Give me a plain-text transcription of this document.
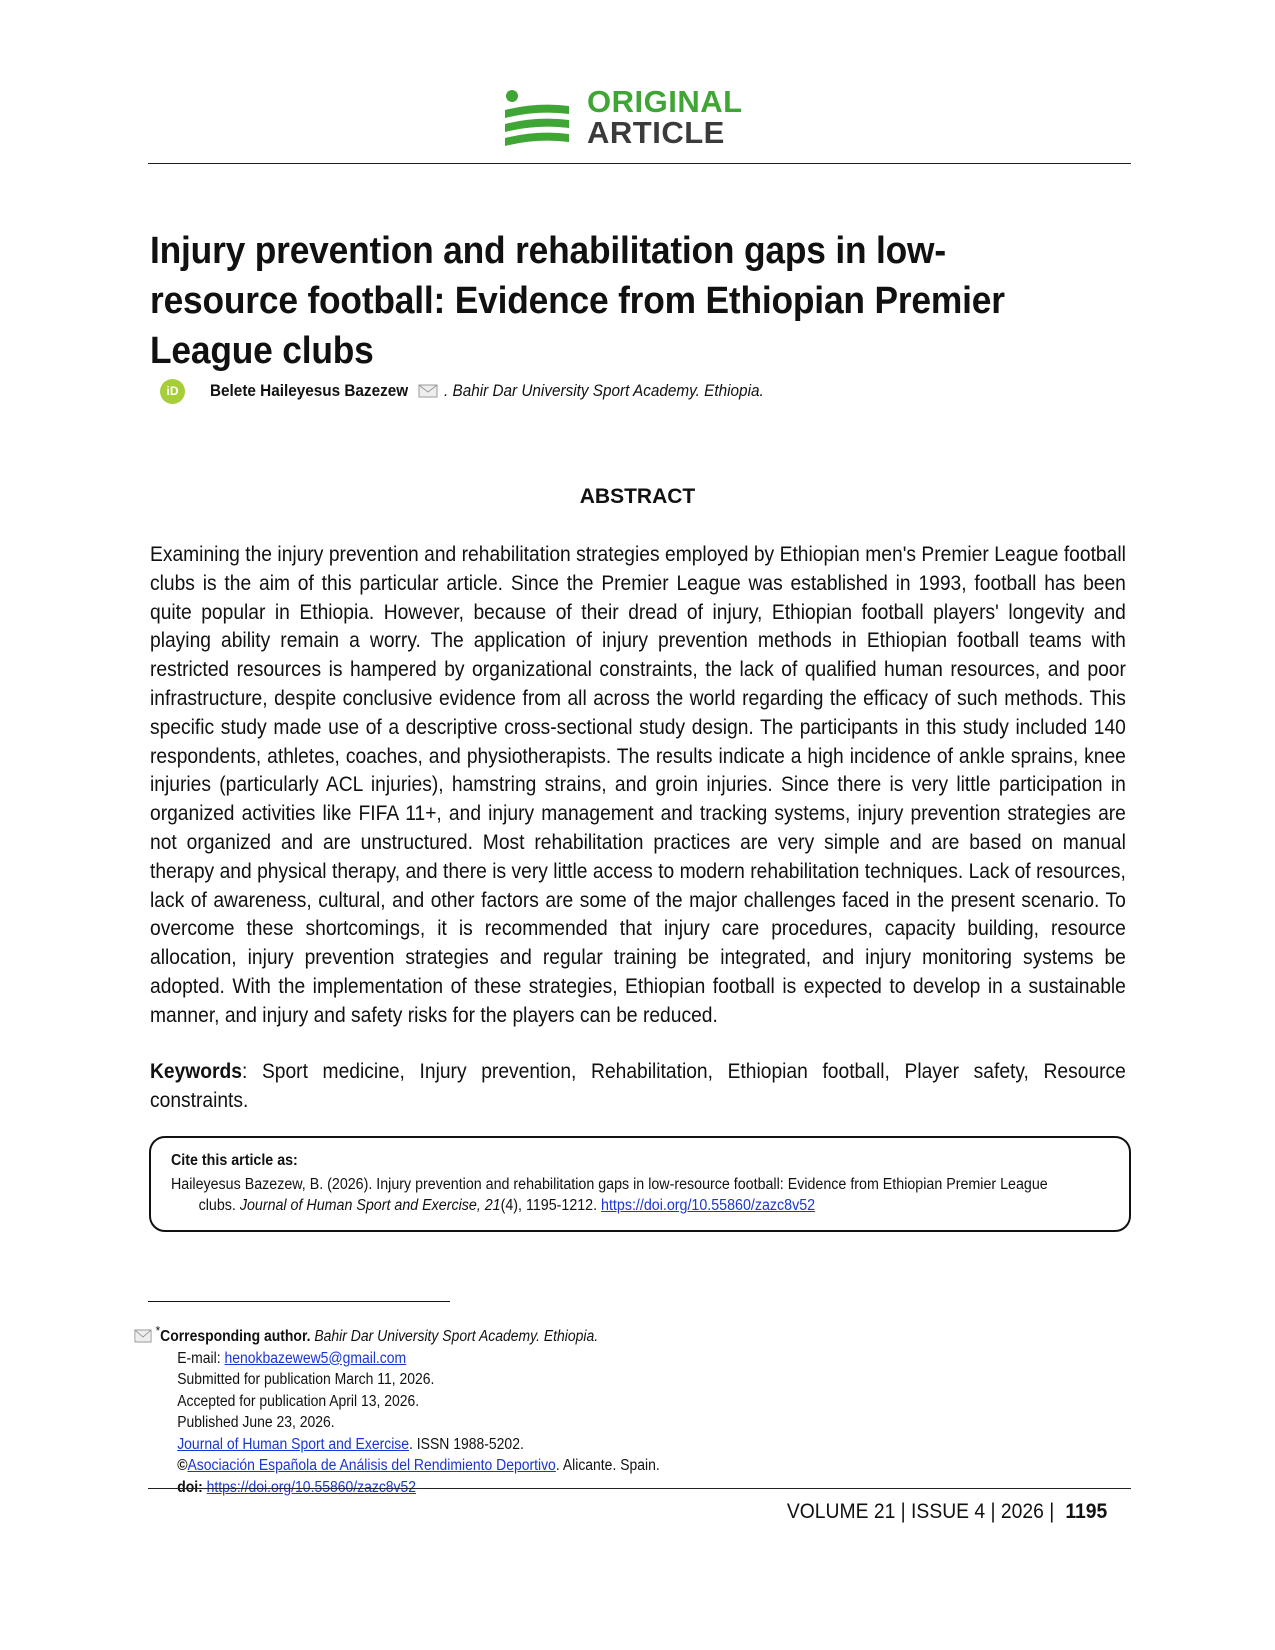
ORIGINAL
ARTICLE
Injury prevention and rehabilitation gaps in low-resource football: Evidence from Ethiopian Premier League clubs
iD	Belete Haileyesus Bazezew . Bahir Dar University Sport Academy. Ethiopia.
ABSTRACT

Examining the injury prevention and rehabilitation strategies employed by Ethiopian men's Premier League football clubs is the aim of this particular article. Since the Premier League was established in 1993, football has been quite popular in Ethiopia. However, because of their dread of injury, Ethiopian football players' longevity and playing ability remain a worry. The application of injury prevention methods in Ethiopian football teams with restricted resources is hampered by organizational constraints, the lack of qualified human resources, and poor infrastructure, despite conclusive evidence from all across the world regarding the efficacy of such methods. This specific study made use of a descriptive cross-sectional study design. The participants in this study included 140 respondents, athletes, coaches, and physiotherapists. The results indicate a high incidence of ankle sprains, knee injuries (particularly ACL injuries), hamstring strains, and groin injuries. Since there is very little participation in organized activities like FIFA 11+, and injury management and tracking systems, injury prevention strategies are not organized and are unstructured. Most rehabilitation practices are very simple and are based on manual therapy and physical therapy, and there is very little access to modern rehabilitation techniques. Lack of resources, lack of awareness, cultural, and other factors are some of the major challenges faced in the present scenario. To overcome these shortcomings, it is recommended that injury care procedures, capacity building, resource allocation, injury prevention strategies and regular training be integrated, and injury monitoring systems be adopted. With the implementation of these strategies, Ethiopian football is expected to develop in a sustainable manner, and injury and safety risks for the players can be reduced.

Keywords: Sport medicine, Injury prevention, Rehabilitation, Ethiopian football, Player safety, Resource constraints.

Cite this article as:
Haileyesus Bazezew, B. (2026). Injury prevention and rehabilitation gaps in low-resource football: Evidence from Ethiopian Premier League
clubs. Journal of Human Sport and Exercise, 21(4), 1195-1212. https://doi.org/10.55860/zazc8v52
*Corresponding author. Bahir Dar University Sport Academy. Ethiopia.
E-mail: henokbazewew5@gmail.com
Submitted for publication March 11, 2026.
Accepted for publication April 13, 2026.
Published June 23, 2026.
Journal of Human Sport and Exercise. ISSN 1988-5202.
©Asociación Española de Análisis del Rendimiento Deportivo. Alicante. Spain.
doi: https://doi.org/10.55860/zazc8v52
VOLUME 21 | ISSUE 4 | 2026 | 1195
